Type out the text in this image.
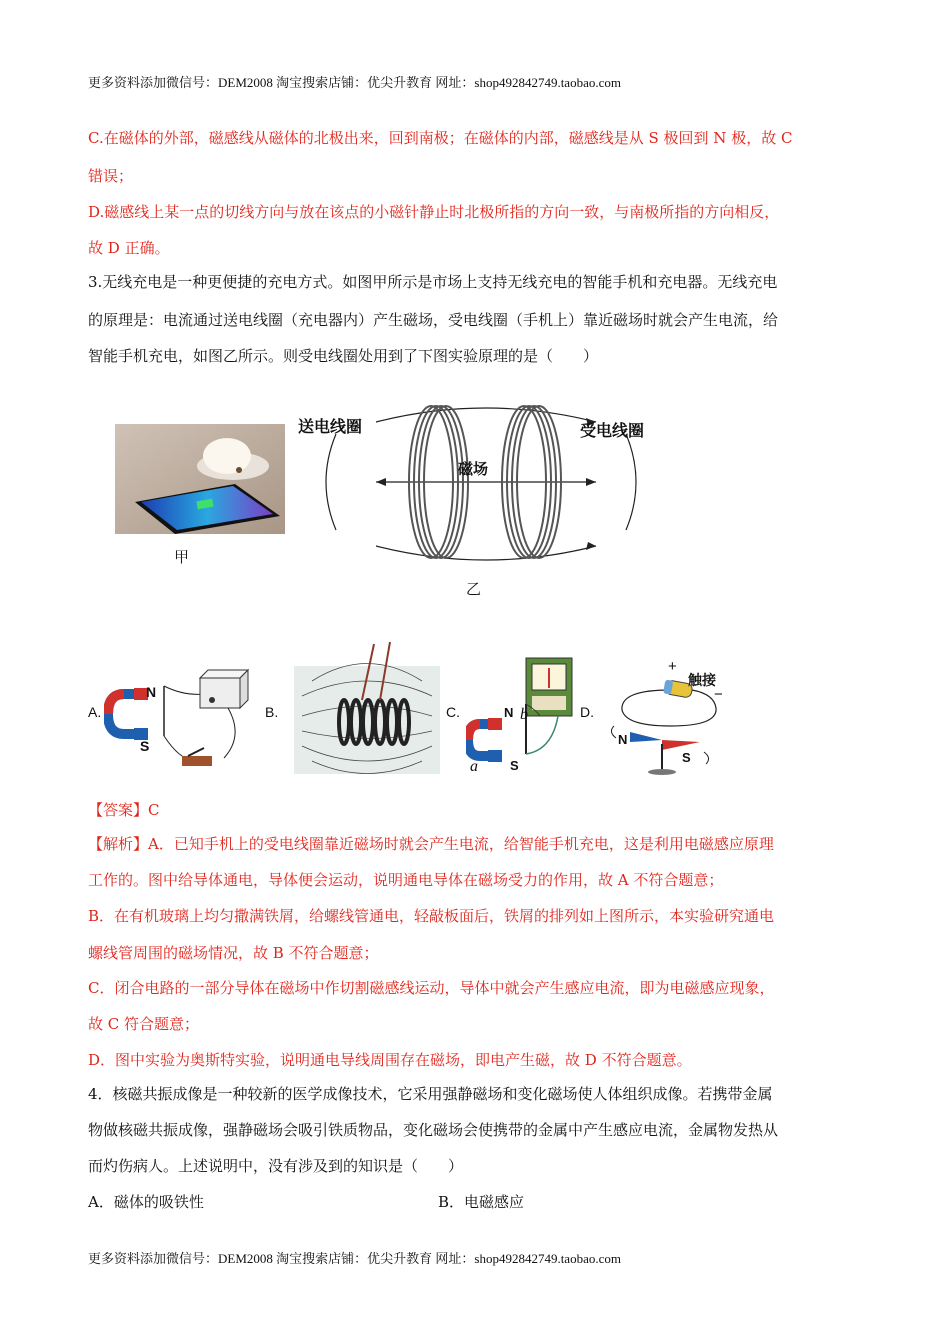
更多资料添加微信号：DEM2008 淘宝搜索店铺：优尖升教育 网址：shop492842749.taobao.com
C.在磁体的外部，磁感线从磁体的北极出来，回到南极；在磁体的内部，磁感线是从 S 极回到 N 极，故 C
错误；
D.磁感线上某一点的切线方向与放在该点的小磁针静止时北极所指的方向一致，与南极所指的方向相反，
故 D 正确。
3.无线充电是一种更便捷的充电方式。如图甲所示是市场上支持无线充电的智能手机和充电器。无线充电
的原理是：电流通过送电线圈（充电器内）产生磁场，受电线圈（手机上）靠近磁场时就会产生电流，给
智能手机充电，如图乙所示。则受电线圈处用到了下图实验原理的是（　　）
甲
送电线圈	受电线圈
磁场
乙
A.	B.	C.	D.
N
S
N
S
b
a
+
触接
−
N
S
【答案】C
【解析】A．已知手机上的受电线圈靠近磁场时就会产生电流，给智能手机充电，这是利用电磁感应原理
工作的。图中给导体通电，导体便会运动，说明通电导体在磁场受力的作用，故 A 不符合题意；
B．在有机玻璃上均匀撒满铁屑，给螺线管通电，轻敲板面后，铁屑的排列如上图所示，本实验研究通电
螺线管周围的磁场情况，故 B 不符合题意；
C．闭合电路的一部分导体在磁场中作切割磁感线运动，导体中就会产生感应电流，即为电磁感应现象，
故 C 符合题意；
D．图中实验为奥斯特实验，说明通电导线周围存在磁场，即电产生磁，故 D 不符合题意。
4．核磁共振成像是一种较新的医学成像技术，它采用强静磁场和变化磁场使人体组织成像。若携带金属
物做核磁共振成像，强静磁场会吸引铁质物品，变化磁场会使携带的金属中产生感应电流，金属物发热从
而灼伤病人。上述说明中，没有涉及到的知识是（　　）
A．磁体的吸铁性	B．电磁感应
更多资料添加微信号：DEM2008 淘宝搜索店铺：优尖升教育 网址：shop492842749.taobao.com
